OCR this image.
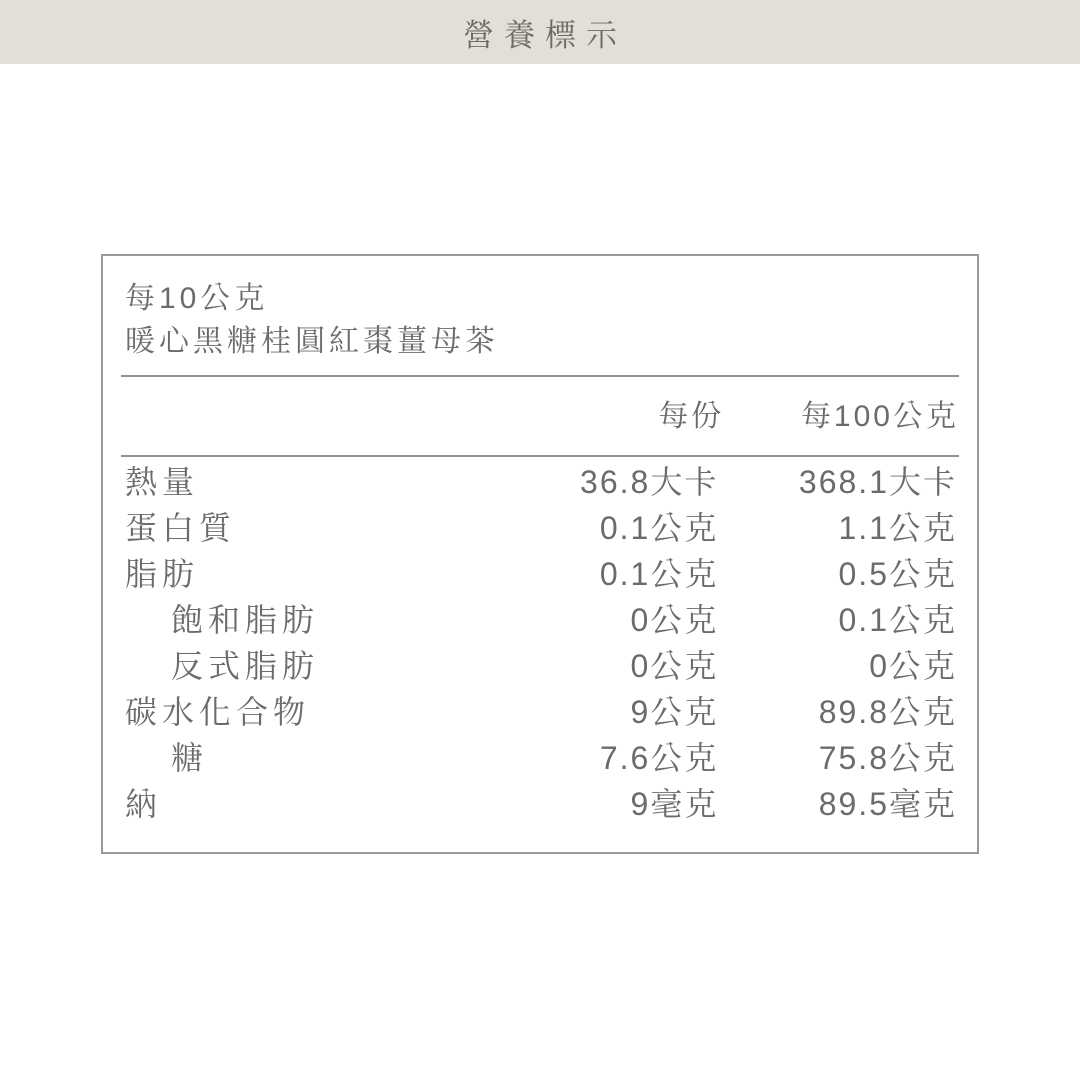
營養標示
每10公克
暖心黑糖桂圓紅棗薑母茶
	每份	每100公克
熱量	36.8大卡	368.1大卡
蛋白質	0.1公克	1.1公克
脂肪	0.1公克	0.5公克
飽和脂肪	0公克	0.1公克
反式脂肪	0公克	0公克
碳水化合物	9公克	89.8公克
糖	7.6公克	75.8公克
納	9毫克	89.5毫克
